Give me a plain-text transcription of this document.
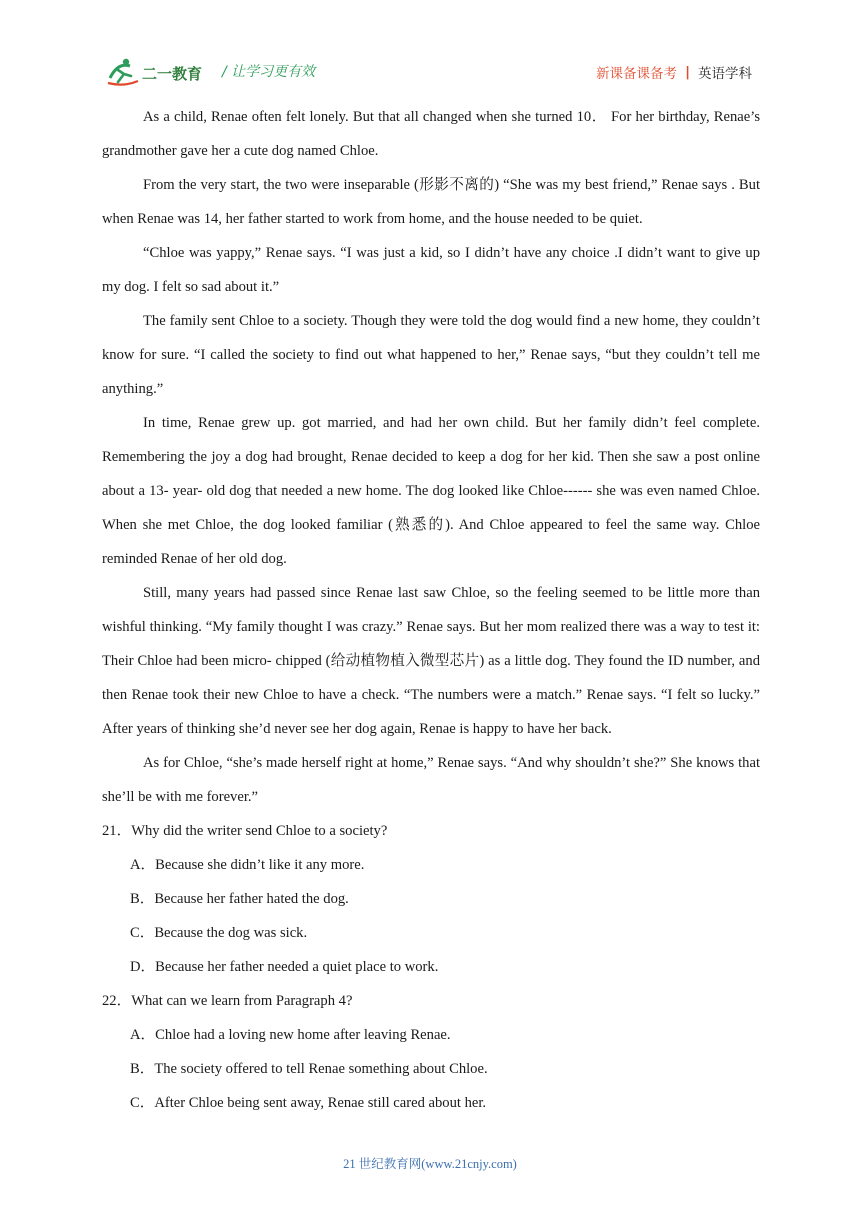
二一教育 / 让学习更有效	新课备课备考 | 英语学科

As a child, Renae often felt lonely. But that all changed when she turned 10． For her birthday, Renae’s grandmother gave her a cute dog named Chloe.

From the very start, the two were inseparable (形影不离的) “She was my best friend,” Renae says . But when Renae was 14, her father started to work from home, and the house needed to be quiet.

“Chloe was yappy,” Renae says. “I was just a kid, so I didn’t have any choice .I didn’t want to give up my dog. I felt so sad about it.”

The family sent Chloe to a society. Though they were told the dog would find a new home, they couldn’t know for sure. “I called the society to find out what happened to her,” Renae says, “but they couldn’t tell me anything.”

In time, Renae grew up. got married, and had her own child. But her family didn’t feel complete. Remembering the joy a dog had brought, Renae decided to keep a dog for her kid. Then she saw a post online about a 13- year- old dog that needed a new home. The dog looked like Chloe------ she was even named Chloe. When she met Chloe, the dog looked familiar (熟悉的). And Chloe appeared to feel the same way. Chloe reminded Renae of her old dog.

Still, many years had passed since Renae last saw Chloe, so the feeling seemed to be little more than wishful thinking. “My family thought I was crazy.” Renae says. But her mom realized there was a way to test it: Their Chloe had been micro- chipped (给动植物植入微型芯片) as a little dog. They found the ID number, and then Renae took their new Chloe to have a check. “The numbers were a match.” Renae says. “I felt so lucky.” After years of thinking she’d never see her dog again, Renae is happy to have her back.

As for Chloe, “she’s made herself right at home,” Renae says. “And why shouldn’t she?” She knows that she’ll be with me forever.”

21．Why did the writer send Chloe to a society?

A．Because she didn’t like it any more.

B．Because her father hated the dog.

C．Because the dog was sick.

D．Because her father needed a quiet place to work.

22．What can we learn from Paragraph 4?

A．Chloe had a loving new home after leaving Renae.

B．The society offered to tell Renae something about Chloe.

C．After Chloe being sent away, Renae still cared about her.

21 世纪教育网(www.21cnjy.com)
